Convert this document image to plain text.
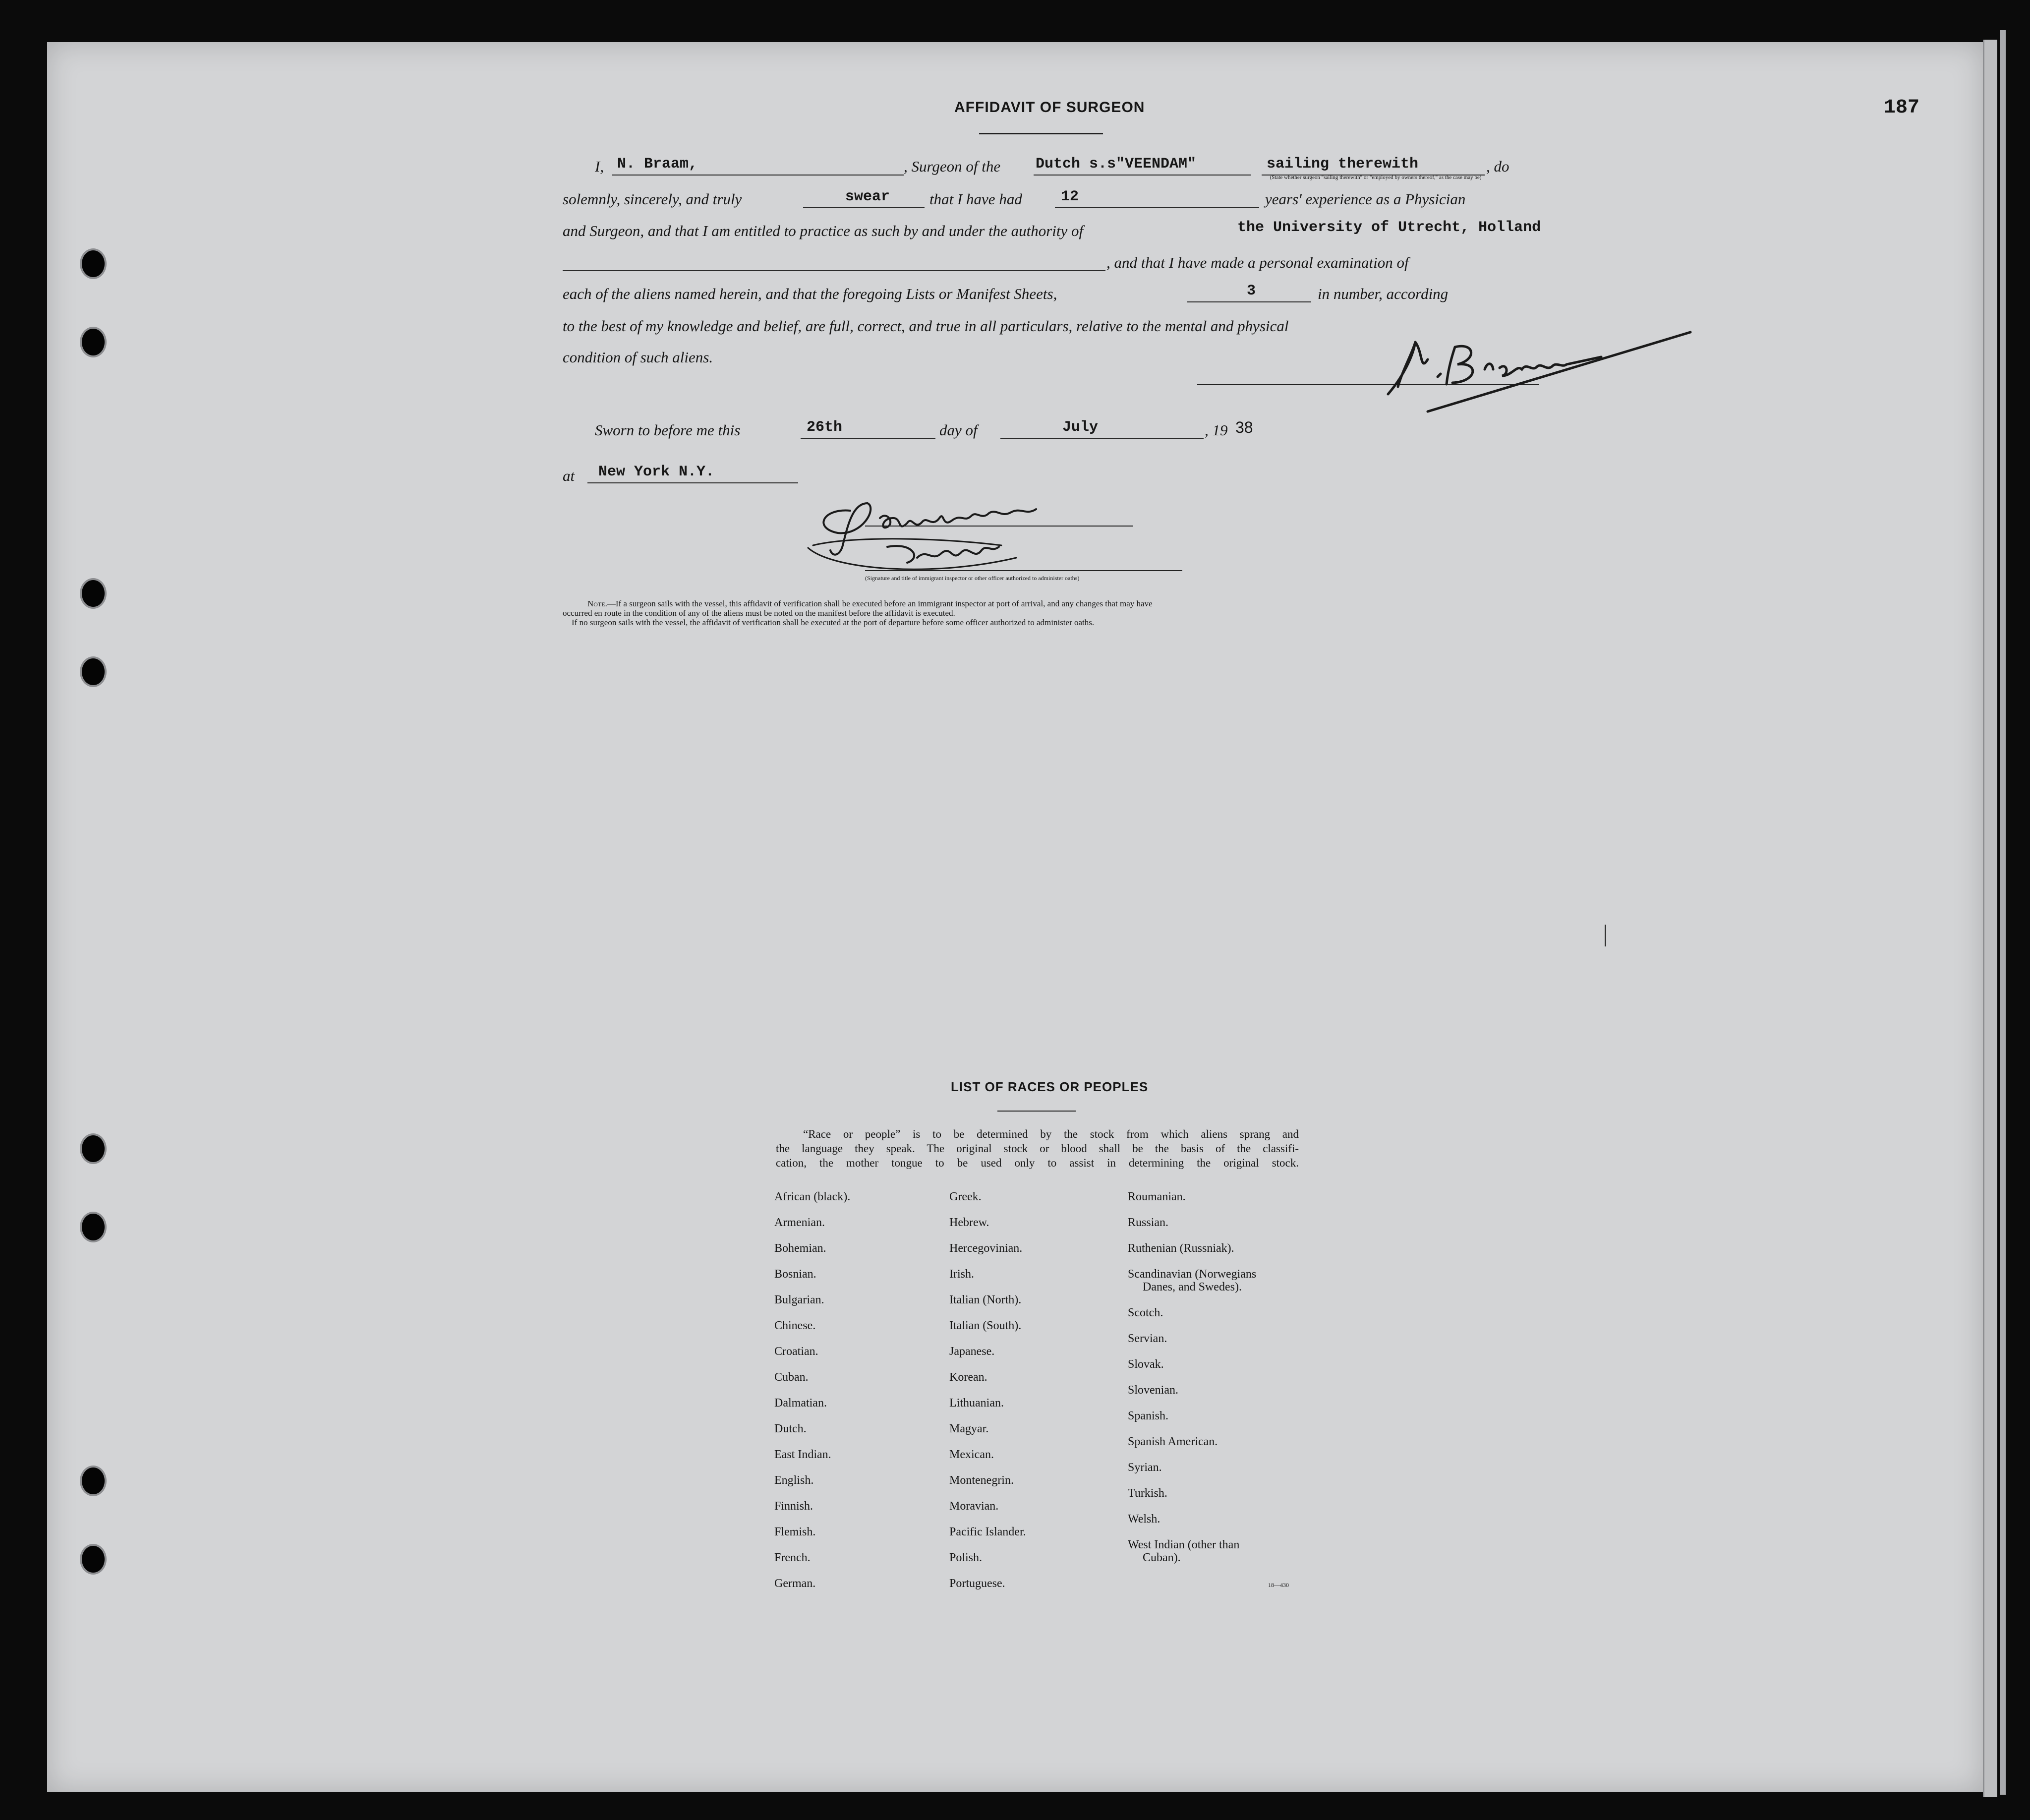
187
AFFIDAVIT OF SURGEON
I, N. Braam,	, Surgeon of the Dutch s.s"VEENDAM"	sailing therewith	, do
(State whether surgeon "sailing therewith" or "employed by owners thereof," as the case may be)
solemnly, sincerely, and truly	swear	that I have had	12	years' experience as a Physician
and Surgeon, and that I am entitled to practice as such by and under the authority of	the University of Utrecht, Holland
, and that I have made a personal examination of
each of the aliens named herein, and that the foregoing Lists or Manifest Sheets,	3	in number, according
to the best of my knowledge and belief, are full, correct, and true in all particulars, relative to the mental and physical
condition of such aliens.
Sworn to before me this	26th	day of	July	, 19 38
at New York N.Y.
(Signature and title of immigrant inspector or other officer authorized to administer oaths)
Note.—If a surgeon sails with the vessel, this affidavit of verification shall be executed before an immigrant inspector at port of arrival, and any changes that may have
occurred en route in the condition of any of the aliens must be noted on the manifest before the affidavit is executed.
If no surgeon sails with the vessel, the affidavit of verification shall be executed at the port of departure before some officer authorized to administer oaths.
LIST OF RACES OR PEOPLES
“Race or people” is to be determined by the stock from which aliens sprang and
the language they speak. The original stock or blood shall be the basis of the classifi-
cation, the mother tongue to be used only to assist in determining the original stock.
African (black).
Armenian.
Bohemian.
Bosnian.
Bulgarian.
Chinese.
Croatian.
Cuban.
Dalmatian.
Dutch.
East Indian.
English.
Finnish.
Flemish.
French.
German.
Greek.
Hebrew.
Hercegovinian.
Irish.
Italian (North).
Italian (South).
Japanese.
Korean.
Lithuanian.
Magyar.
Mexican.
Montenegrin.
Moravian.
Pacific Islander.
Polish.
Portuguese.
Roumanian.
Russian.
Ruthenian (Russniak).
Scandinavian (Norwegians
Danes, and Swedes).
Scotch.
Servian.
Slovak.
Slovenian.
Spanish.
Spanish American.
Syrian.
Turkish.
Welsh.
West Indian (other than
Cuban).
18—430
